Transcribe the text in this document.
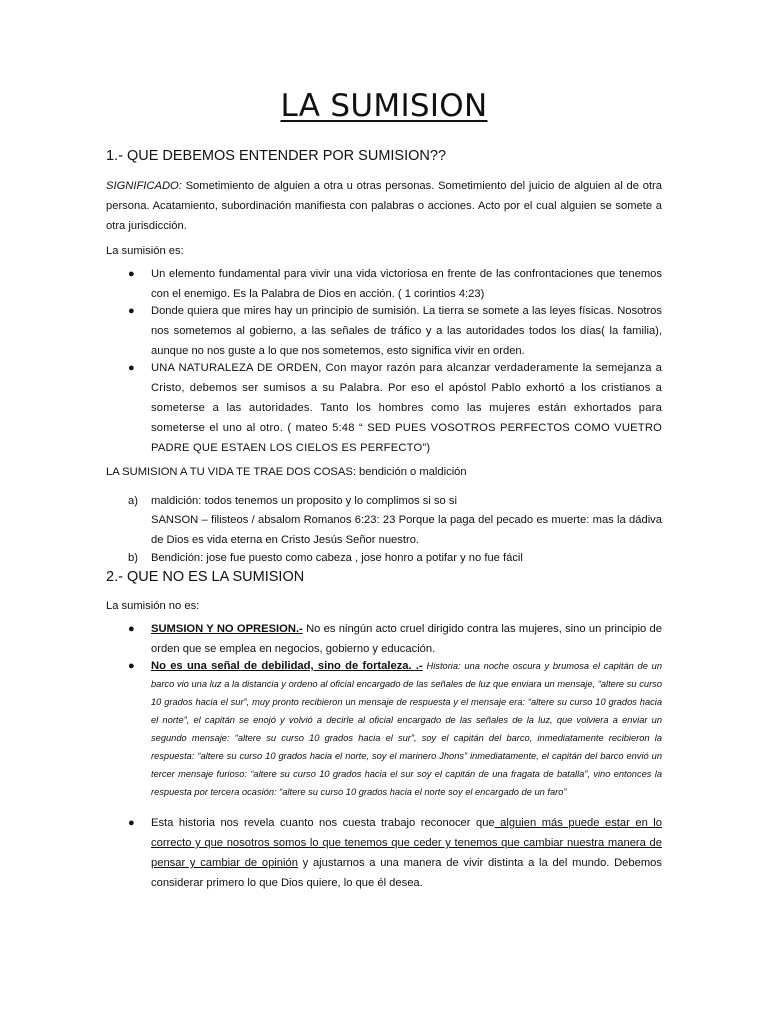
LA SUMISION
1.- QUE DEBEMOS ENTENDER POR SUMISION??
SIGNIFICADO: Sometimiento de alguien a otra u otras personas. Sometimiento del juicio de alguien al de otra persona. Acatamiento, subordinación manifiesta con palabras o acciones. Acto por el cual alguien se somete a otra jurisdicción.
La sumisión es:
● Un elemento fundamental para vivir una vida victoriosa en frente de las confrontaciones que tenemos con el enemigo. Es la Palabra de Dios en acción. ( 1 corintios 4:23)
● Donde quiera que mires hay un principio de sumisión. La tierra se somete a las leyes físicas. Nosotros nos sometemos al gobierno, a las señales de tráfico y a las autoridades todos los días( la familia), aunque no nos guste a lo que nos sometemos, esto significa vivir en orden.
● UNA NATURALEZA DE ORDEN, Con mayor razón para alcanzar verdaderamente la semejanza a Cristo, debemos ser sumisos a su Palabra. Por eso el apóstol Pablo exhortó a los cristianos a someterse a las autoridades. Tanto los hombres como las mujeres están exhortados para someterse el uno al otro. ( mateo 5:48 “ SED PUES VOSOTROS PERFECTOS COMO VUETRO PADRE QUE ESTAEN LOS CIELOS ES PERFECTO”)
LA SUMISION A TU VIDA TE TRAE DOS COSAS: bendición o maldición
a) maldición: todos tenemos un proposito y lo complimos si so si
SANSON – filisteos / absalom Romanos 6:23: 23 Porque la paga del pecado es muerte: mas la dádiva de Dios es vida eterna en Cristo Jesús Señor nuestro.
b) Bendición: jose fue puesto como cabeza , jose honro a potifar y no fue fácil
2.- QUE NO ES LA SUMISION
La sumisión no es:
● SUMSION Y NO OPRESION.- No es ningún acto cruel dirigido contra las mujeres, sino un principio de orden que se emplea en negocios, gobierno y educación.
● No es una señal de debilidad, sino de fortaleza. .- Historia: una noche oscura y brumosa el capitán de un barco vio una luz a la distancia y ordeno al oficial encargado de las señales de luz que enviara un mensaje, “altere su curso 10 grados hacia el sur”, muy pronto recibieron un mensaje de respuesta y el mensaje era: “altere su curso 10 grados hacia el norte”, el capitán se enojó y volvió a decirle al oficial encargado de las señales de la luz, que volviera a enviar un segundo mensaje: “altere su curso 10 grados hacia el sur”, soy el capitán del barco, inmediatamente recibieron la respuesta: “altere su curso 10 grados hacia el norte, soy el marinero Jhons” inmediatamente, el capitán del barco envió un tercer mensaje furioso: “altere su curso 10 grados hacia el sur soy el capitán de una fragata de batalla”, vino entonces la respuesta por tercera ocasión: “altere su curso 10 grados hacia el norte soy el encargado de un faro”
● Esta historia nos revela cuanto nos cuesta trabajo reconocer que alguien más puede estar en lo correcto y que nosotros somos lo que tenemos que ceder y tenemos que cambiar nuestra manera de pensar y cambiar de opinión y ajustarnos a una manera de vivir distinta a la del mundo. Debemos considerar primero lo que Dios quiere, lo que él desea.
